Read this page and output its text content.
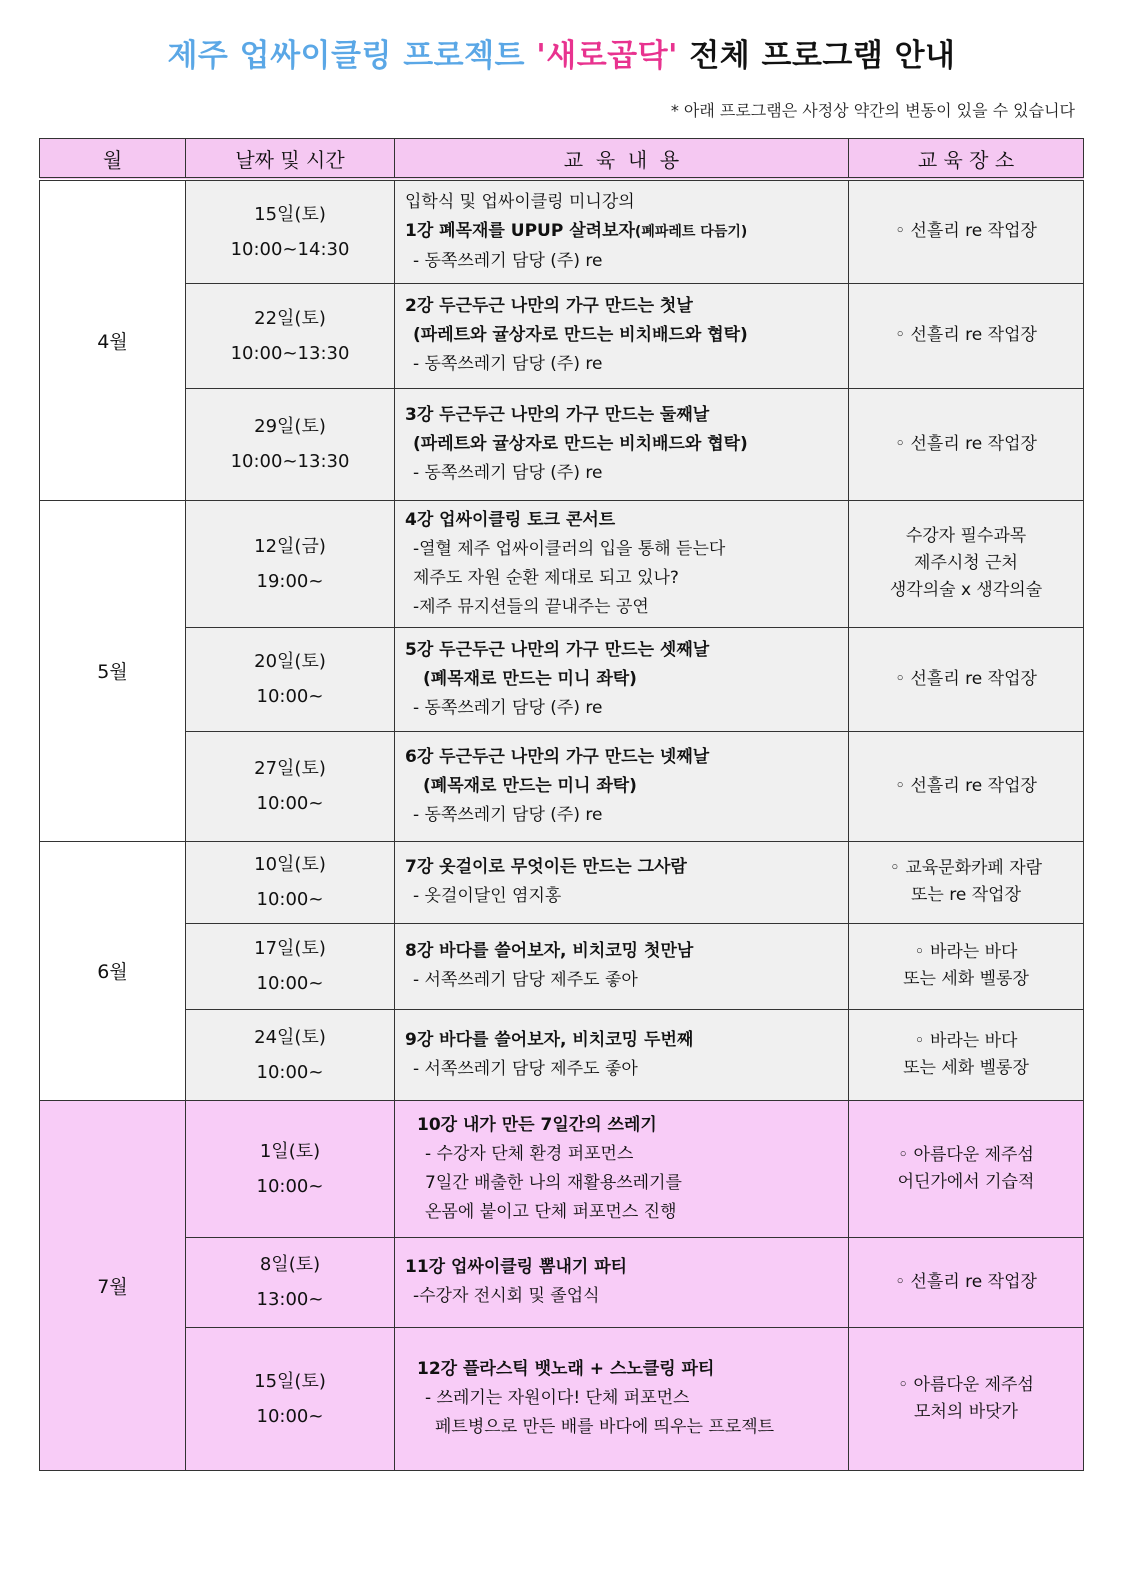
제주 업싸이클링 프로젝트 '새로곱닥' 전체 프로그램 안내
* 아래 프로그램은 사정상 약간의 변동이 있을 수 있습니다
월	날짜 및 시간	교  육  내  용	교 육 장 소
4월	15일(토)
10:00~14:30	입학식 및 업싸이클링 미니강의
1강 폐목재를 UPUP 살려보자(폐파레트 다듬기)
- 동쪽쓰레기 담당 (주) re	◦ 선흘리 re 작업장

	22일(토)
10:00~13:30	2강 두근두근 나만의 가구 만드는 첫날
(파레트와 귤상자로 만드는 비치배드와 협탁)
- 동쪽쓰레기 담당 (주) re	◦ 선흘리 re 작업장

	29일(토)
10:00~13:30	3강 두근두근 나만의 가구 만드는 둘째날
(파레트와 귤상자로 만드는 비치배드와 협탁)
- 동쪽쓰레기 담당 (주) re	◦ 선흘리 re 작업장

5월	12일(금)
19:00~	4강 업싸이클링 토크 콘서트
-열혈 제주 업싸이클러의 입을 통해 듣는다
제주도 자원 순환 제대로 되고 있나?
-제주 뮤지션들의 끝내주는 공연	수강자 필수과목
제주시청 근처
생각의술 x 생각의술

	20일(토)
10:00~	5강 두근두근 나만의 가구 만드는 셋째날
(폐목재로 만드는 미니 좌탁)
- 동쪽쓰레기 담당 (주) re	◦ 선흘리 re 작업장

	27일(토)
10:00~	6강 두근두근 나만의 가구 만드는 넷째날
(폐목재로 만드는 미니 좌탁)
- 동쪽쓰레기 담당 (주) re	◦ 선흘리 re 작업장

6월	10일(토)
10:00~	7강 옷걸이로 무엇이든 만드는 그사람
- 옷걸이달인 염지홍	◦ 교육문화카페 자람
또는 re 작업장

	17일(토)
10:00~	8강 바다를 쓸어보자, 비치코밍 첫만남
- 서쪽쓰레기 담당 제주도 좋아	◦ 바라는 바다
또는 세화 벨롱장

	24일(토)
10:00~	9강 바다를 쓸어보자, 비치코밍 두번째
- 서쪽쓰레기 담당 제주도 좋아	◦ 바라는 바다
또는 세화 벨롱장

7월	1일(토)
10:00~	10강 내가 만든 7일간의 쓰레기
- 수강자 단체 환경 퍼포먼스
7일간 배출한 나의 재활용쓰레기를
온몸에 붙이고 단체 퍼포먼스 진행	◦ 아름다운 제주섬
어딘가에서 기습적

	8일(토)
13:00~	11강 업싸이클링 뽐내기 파티
-수강자 전시회 및 졸업식	◦ 선흘리 re 작업장

	15일(토)
10:00~	12강 플라스틱 뱃노래 + 스노클링 파티
- 쓰레기는 자원이다! 단체 퍼포먼스
페트병으로 만든 배를 바다에 띄우는 프로젝트	◦ 아름다운 제주섬
모처의 바닷가
